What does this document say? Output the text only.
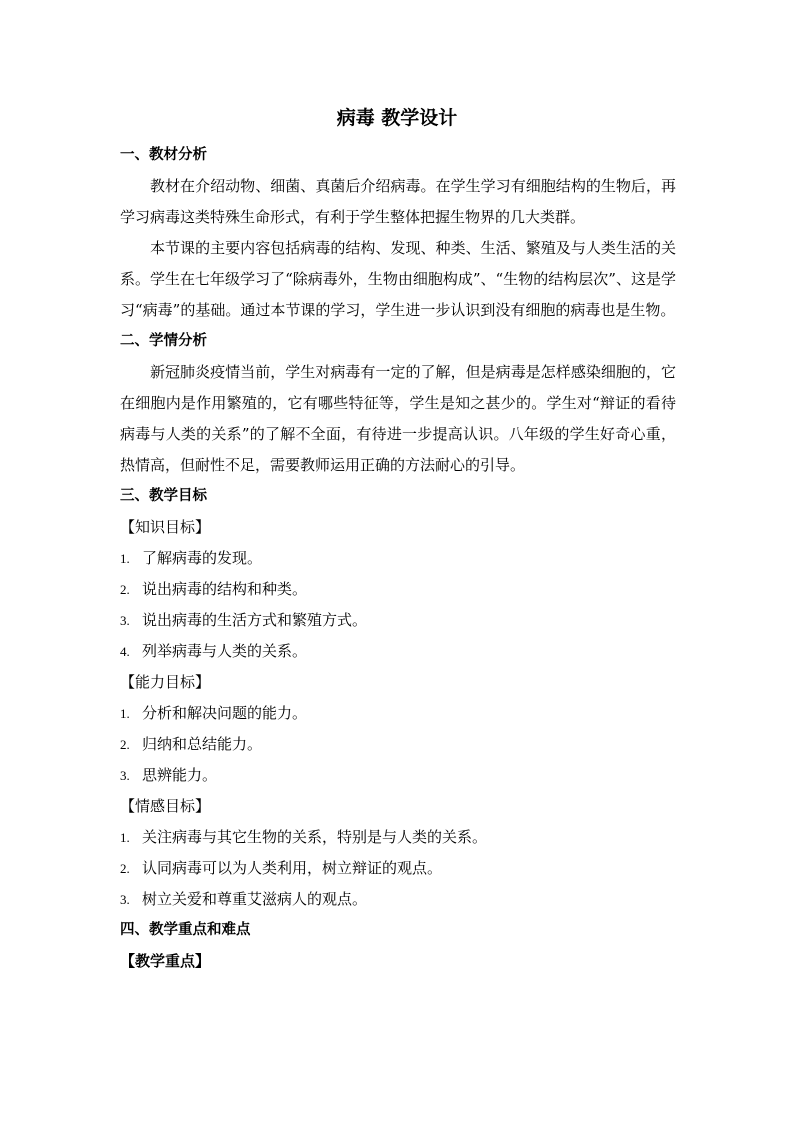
病毒 教学设计
一、教材分析
教材在介绍动物、细菌、真菌后介绍病毒。在学生学习有细胞结构的生物后，再学习病毒这类特殊生命形式，有利于学生整体把握生物界的几大类群。
本节课的主要内容包括病毒的结构、发现、种类、生活、繁殖及与人类生活的关系。学生在七年级学习了“除病毒外，生物由细胞构成”、“生物的结构层次”、这是学习“病毒”的基础。通过本节课的学习，学生进一步认识到没有细胞的病毒也是生物。
二、学情分析
新冠肺炎疫情当前，学生对病毒有一定的了解，但是病毒是怎样感染细胞的，它在细胞内是作用繁殖的，它有哪些特征等，学生是知之甚少的。学生对“辩证的看待病毒与人类的关系”的了解不全面，有待进一步提高认识。八年级的学生好奇心重，热情高，但耐性不足，需要教师运用正确的方法耐心的引导。
三、教学目标
【知识目标】
1. 了解病毒的发现。
2. 说出病毒的结构和种类。
3. 说出病毒的生活方式和繁殖方式。
4. 列举病毒与人类的关系。
【能力目标】
1. 分析和解决问题的能力。
2. 归纳和总结能力。
3. 思辨能力。
【情感目标】
1. 关注病毒与其它生物的关系，特别是与人类的关系。
2. 认同病毒可以为人类利用，树立辩证的观点。
3. 树立关爱和尊重艾滋病人的观点。
四、教学重点和难点
【教学重点】
